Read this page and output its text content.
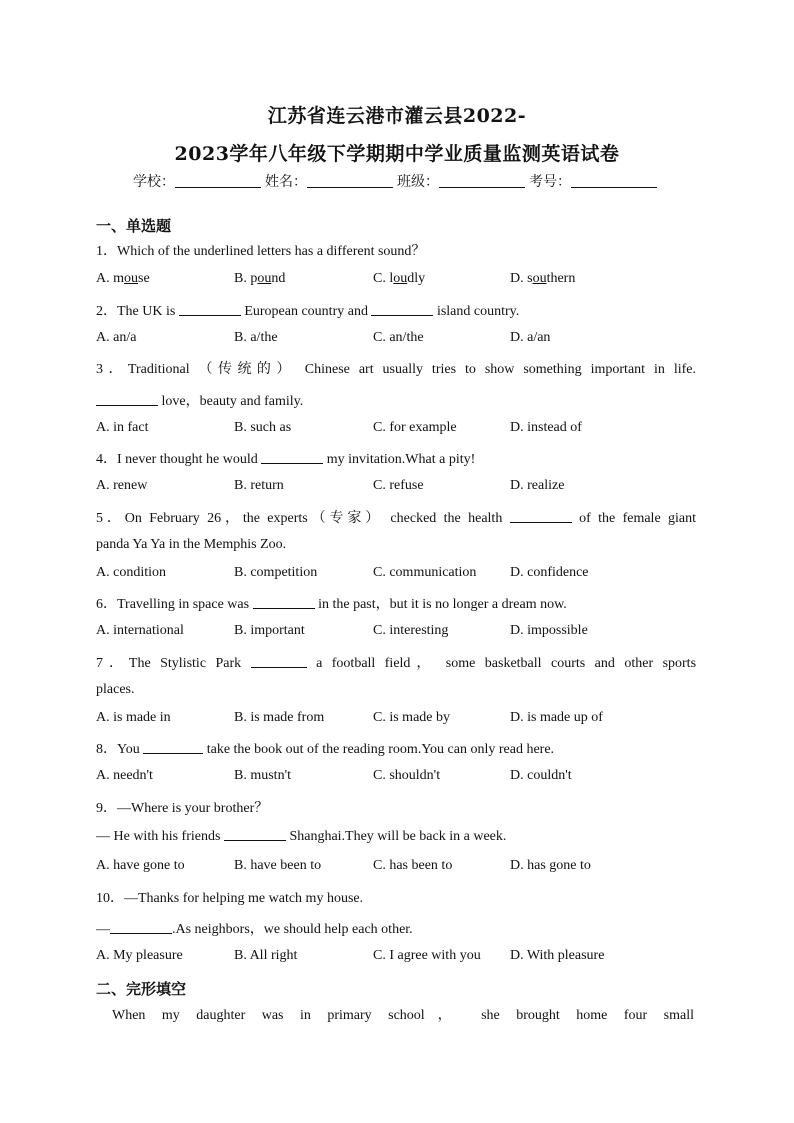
江苏省连云港市灌云县2022-
2023学年八年级下学期期中学业质量监测英语试卷
学校：	姓名：	班级：	考号：
一、单选题
1．Which of the underlined letters has a different sound？
A. mouse	B. pound	C. loudly	D. southern
2．The UK is	European country and	island country.
A. an/a	B. a/the	C. an/the	D. a/an
3．Traditional （传统的） Chinese art usually tries to show something important in life.
love，beauty and family.
A. in fact	B. such as	C. for example	D. instead of
4．I never thought he would	my invitation.What a pity!
A. renew	B. return	C. refuse	D. realize
5．On February 26，the experts（专家） checked the health	of the female giant
panda Ya Ya in the Memphis Zoo.
A. condition	B. competition	C. communication D. confidence
6．Travelling in space was	in the past，but it is no longer a dream now.
A. international	B. important	C. interesting	D. impossible
7．The Stylistic Park	a football field， some basketball courts and other sports
places.
A. is made in	B. is made from	C. is made by	D. is made up of
8．You	take the book out of the reading room.You can only read here.
A. needn't	B. mustn't	C. shouldn't	D. couldn't
9．—Where is your brother？
— He with his friends	Shanghai.They will be back in a week.
A. have gone to	B. have been to	C. has been to	D. has gone to
10．—Thanks for helping me watch my house.
—	.As neighbors，we should help each other.
A. My pleasure	B. All right	C. I agree with you D. With pleasure
二、完形填空
When my daughter was in primary school， she brought home four small
